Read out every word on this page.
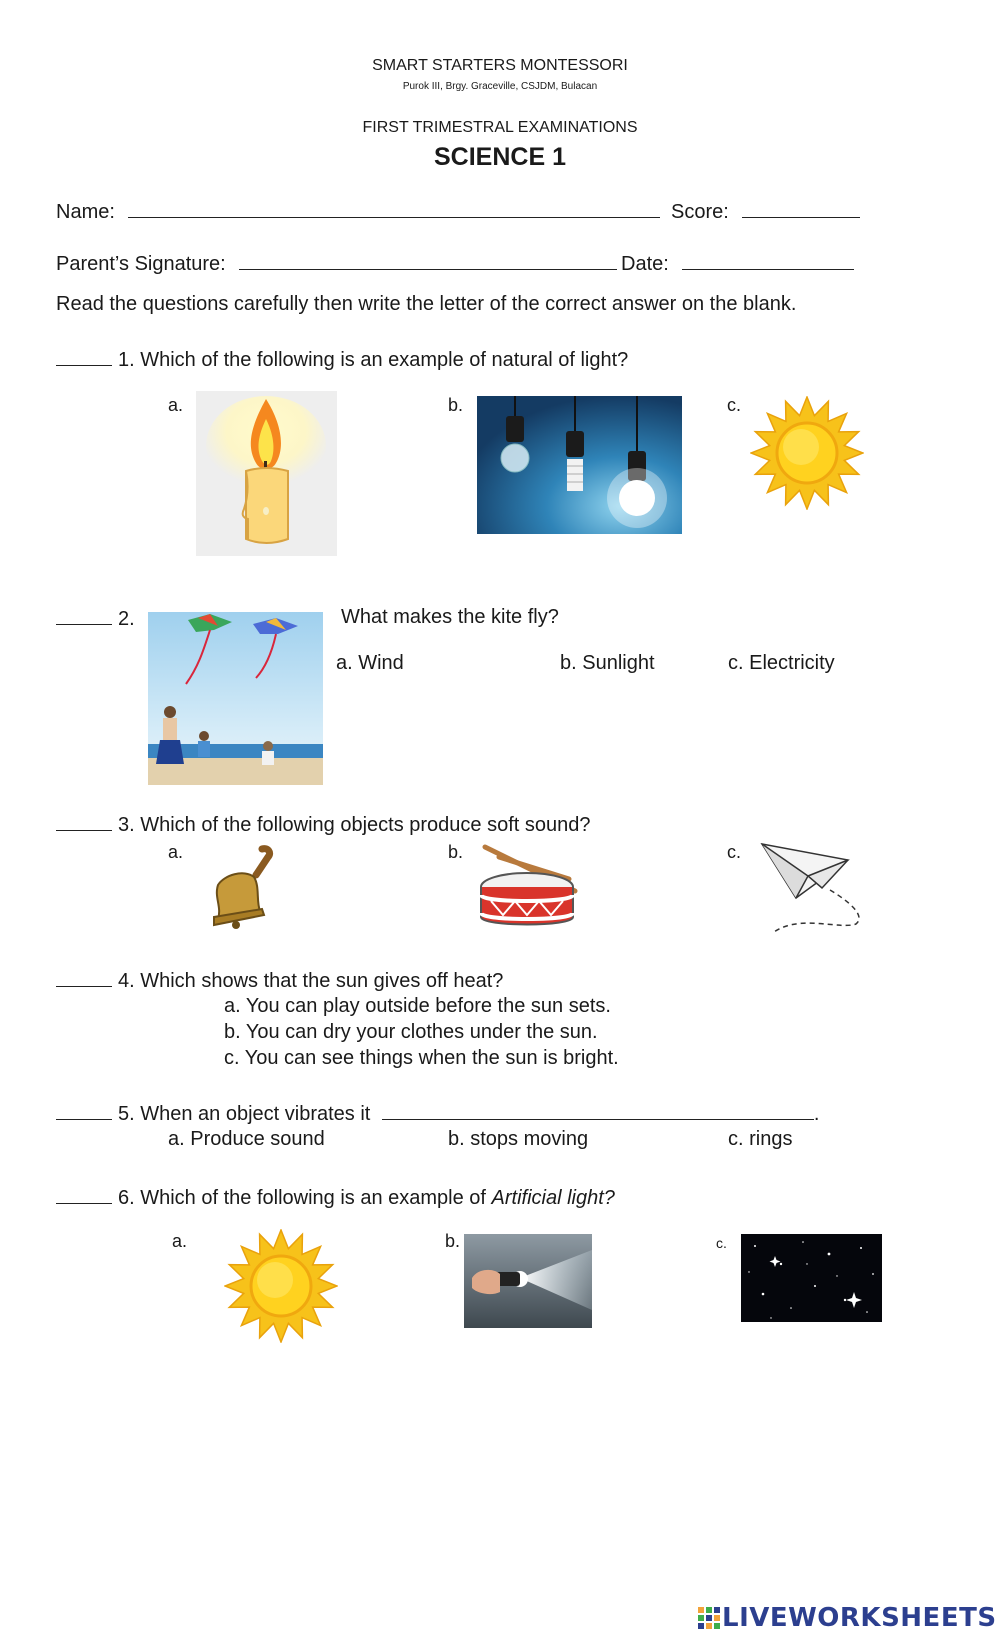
SMART STARTERS MONTESSORI
Purok III, Brgy. Graceville, CSJDM, Bulacan
FIRST TRIMESTRAL EXAMINATIONS
SCIENCE 1
Name:	Score:
Parent’s Signature:	Date:
Read the questions carefully then write the letter of the correct answer on the blank.
1. Which of the following is an example of natural of light?
a.	b.	c.
2.	What makes the kite fly?
a. Wind	b. Sunlight	c. Electricity
3. Which of the following objects produce soft sound?
a.	b.	c.
4. Which shows that the sun gives off heat?
a. You can play outside before the sun sets.
b. You can dry your clothes under the sun.
c. You can see things when the sun is bright.
5. When an object vibrates it	.
a. Produce sound	b. stops moving	c. rings
6. Which of the following is an example of Artificial light?
a.	b.	c.
LIVEWORKSHEETS
